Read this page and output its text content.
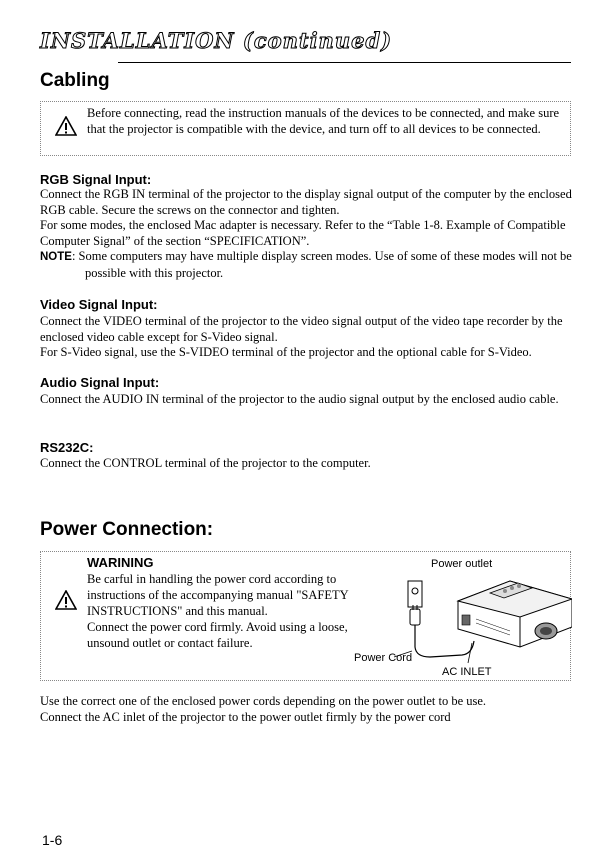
INSTALLATION (continued)
Cabling
Before connecting, read the instruction manuals of the devices to be connected, and make sure that the projector is compatible with the device, and turn off to all devices to be connected.
RGB Signal Input:

Connect the RGB IN terminal of the projector to the display signal output of the computer by the enclosed RGB cable. Secure the screws on the connector and tighten.

For some modes, the enclosed Mac adapter is necessary. Refer to the “Table 1-8. Example of Compatible Computer Signal” of the section “SPECIFICATION”.

NOTE: Some computers may have multiple display screen modes. Use of some of these modes will not be possible with this projector.

Video Signal Input:

Connect the VIDEO terminal of the projector to the video signal output of the video tape recorder by the enclosed video cable except for S-Video signal.

For S-Video signal, use the S-VIDEO terminal of the projector and the optional cable for S-Video.

Audio Signal Input:

Connect the AUDIO IN terminal of the projector to the audio signal output by the enclosed audio cable.

RS232C:

Connect the CONTROL terminal of the projector to the computer.

Power Connection:
WARINING
Be carful in handling the power cord according to instructions of the accompanying manual "SAFETY INSTRUCTIONS" and this manual.
Connect the power cord firmly. Avoid using a loose, unsound outlet or contact failure.
Power outlet
Power Cord
AC INLET

Use the correct one of the enclosed power cords depending on the power outlet to be use.

Connect the AC inlet of the projector to the power outlet firmly by the power cord

1-6
